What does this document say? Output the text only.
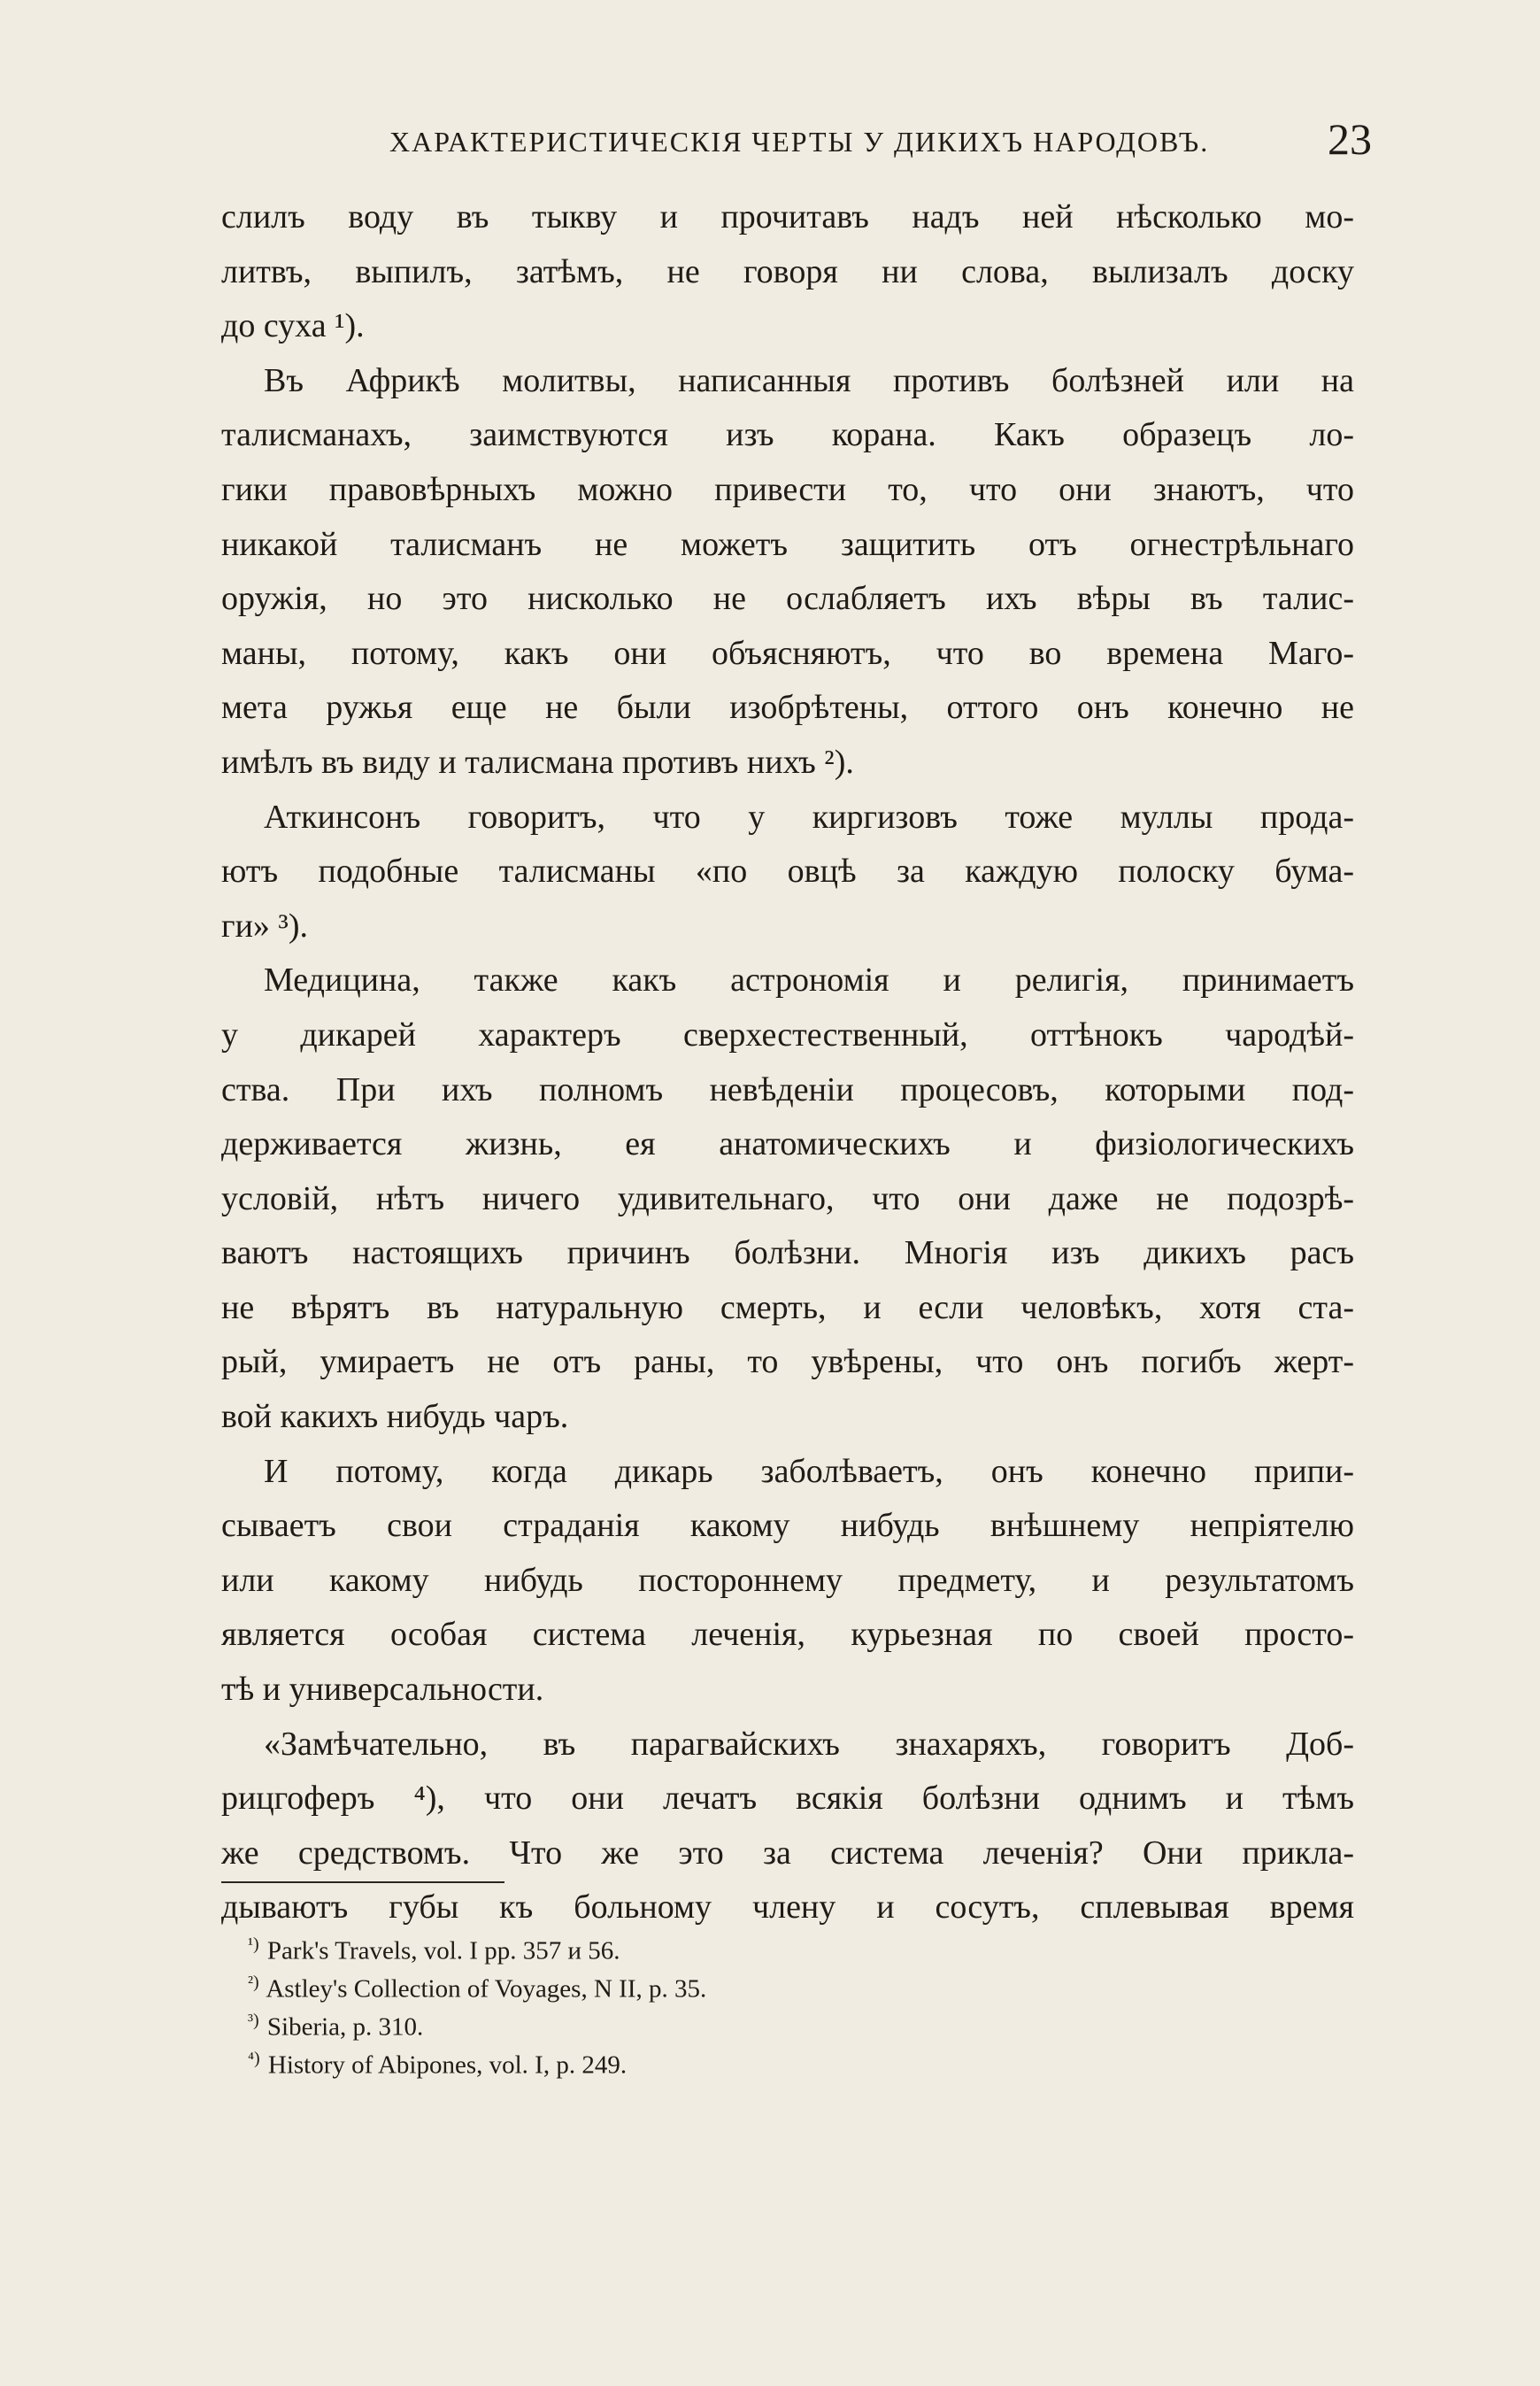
ХАРАКТЕРИСТИЧЕСКІЯ ЧЕРТЫ У ДИКИХЪ НАРОДОВЪ.	23
слилъ воду въ тыкву и прочитавъ надъ ней нѣсколько мо-
литвъ, выпилъ, затѣмъ, не говоря ни слова, вылизалъ доску
до суха ¹).
Въ Африкѣ молитвы, написанныя противъ болѣзней или на
талисманахъ, заимствуются изъ корана. Какъ образецъ ло-
гики правовѣрныхъ можно привести то, что они знаютъ, что
никакой талисманъ не можетъ защитить отъ огнестрѣльнаго
оружія, но это нисколько не ослабляетъ ихъ вѣры въ талис-
маны, потому, какъ они объясняютъ, что во времена Маго-
мета ружья еще не были изобрѣтены, оттого онъ конечно не
имѣлъ въ виду и талисмана противъ нихъ ²).
Аткинсонъ говоритъ, что у киргизовъ тоже муллы прода-
ютъ подобные талисманы «по овцѣ за каждую полоску бума-
ги» ³).
Медицина, также какъ астрономія и религія, принимаетъ
у дикарей характеръ сверхестественный, оттѣнокъ чародѣй-
ства. При ихъ полномъ невѣденіи процесовъ, которыми под-
держивается жизнь, ея анатомическихъ и физіологическихъ
условій, нѣтъ ничего удивительнаго, что они даже не подозрѣ-
ваютъ настоящихъ причинъ болѣзни. Многія изъ дикихъ расъ
не вѣрятъ въ натуральную смерть, и если человѣкъ, хотя ста-
рый, умираетъ не отъ раны, то увѣрены, что онъ погибъ жерт-
вой какихъ нибудь чаръ.
И потому, когда дикарь заболѣваетъ, онъ конечно припи-
сываетъ свои страданія какому нибудь внѣшнему непріятелю
или какому нибудь постороннему предмету, и результатомъ
является особая система леченія, курьезная по своей просто-
тѣ и универсальности.
«Замѣчательно, въ парагвайскихъ знахаряхъ, говоритъ Доб-
рицгоферъ ⁴), что они лечатъ всякія болѣзни однимъ и тѣмъ
же средствомъ. Что же это за система леченія? Они прикла-
дываютъ губы къ больному члену и сосутъ, сплевывая время
$^{^1)}$ Park's Travels, vol. I pp. 357 и 56.
$^{^2)}$ Astley's Collection of Voyages, N II, p. 35.
$^{^3)}$ Siberia, p. 310.
$^{^4)}$ History of Abipones, vol. I, p. 249.
